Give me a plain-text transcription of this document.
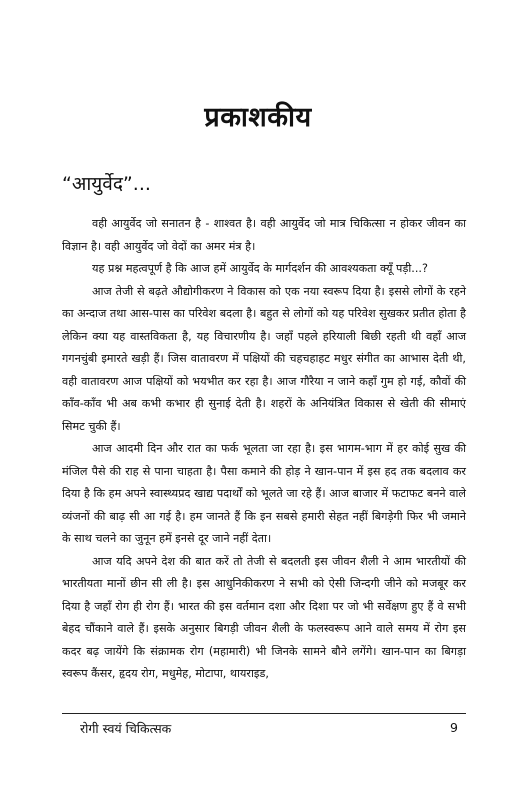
प्रकाशकीय
“आयुर्वेद”...

वही आयुर्वेद जो सनातन है - शाश्वत है। वही आयुर्वेद जो मात्र चिकित्सा न होकर जीवन का विज्ञान है। वही आयुर्वेद जो वेदों का अमर मंत्र है।

यह प्रश्न महत्वपूर्ण है कि आज हमें आयुर्वेद के मार्गदर्शन की आवश्यकता क्यूँ पड़ी...?

आज तेजी से बढ़ते औद्योगीकरण ने विकास को एक नया स्वरूप दिया है। इससे लोगों के रहने का अन्दाज तथा आस-पास का परिवेश बदला है। बहुत से लोगों को यह परिवेश सुखकर प्रतीत होता है लेकिन क्या यह वास्तविकता है, यह विचारणीय है। जहाँ पहले हरियाली बिछी रहती थी वहाँ आज गगनचुंबी इमारते खड़ी हैं। जिस वातावरण में पक्षियों की चहचहाहट मधुर संगीत का आभास देती थी, वही वातावरण आज पक्षियों को भयभीत कर रहा है। आज गौरैया न जाने कहाँ गुम हो गई, कौवों की काँव-काँव भी अब कभी कभार ही सुनाई देती है। शहरों के अनियंत्रित विकास से खेती की सीमाएं सिमट चुकी हैं।

आज आदमी दिन और रात का फर्क भूलता जा रहा है। इस भागम-भाग में हर कोई सुख की मंजिल पैसे की राह से पाना चाहता है। पैसा कमाने की होड़ ने खान-पान में इस हद तक बदलाव कर दिया है कि हम अपने स्वास्थ्यप्रद खाद्य पदार्थों को भूलते जा रहे हैं। आज बाजार में फटाफट बनने वाले व्यंजनों की बाढ़ सी आ गई है। हम जानते हैं कि इन सबसे हमारी सेहत नहीं बिगड़ेगी फिर भी जमाने के साथ चलने का जुनून हमें इनसे दूर जाने नहीं देता।

आज यदि अपने देश की बात करें तो तेजी से बदलती इस जीवन शैली ने आम भारतीयों की भारतीयता मानों छीन सी ली है। इस आधुनिकीकरण ने सभी को ऐसी जिन्दगी जीने को मजबूर कर दिया है जहाँ रोग ही रोग हैं। भारत की इस वर्तमान दशा और दिशा पर जो भी सर्वेक्षण हुए हैं वे सभी बेहद चौंकाने वाले हैं। इसके अनुसार बिगड़ी जीवन शैली के फलस्वरूप आने वाले समय में रोग इस कदर बढ़ जायेंगे कि संक्रामक रोग (महामारी) भी जिनके सामने बौने लगेंगे। खान-पान का बिगड़ा स्वरूप कैंसर, हृदय रोग, मधुमेह, मोटापा, थायराइड,

रोगी स्वयं चिकित्सक	9
